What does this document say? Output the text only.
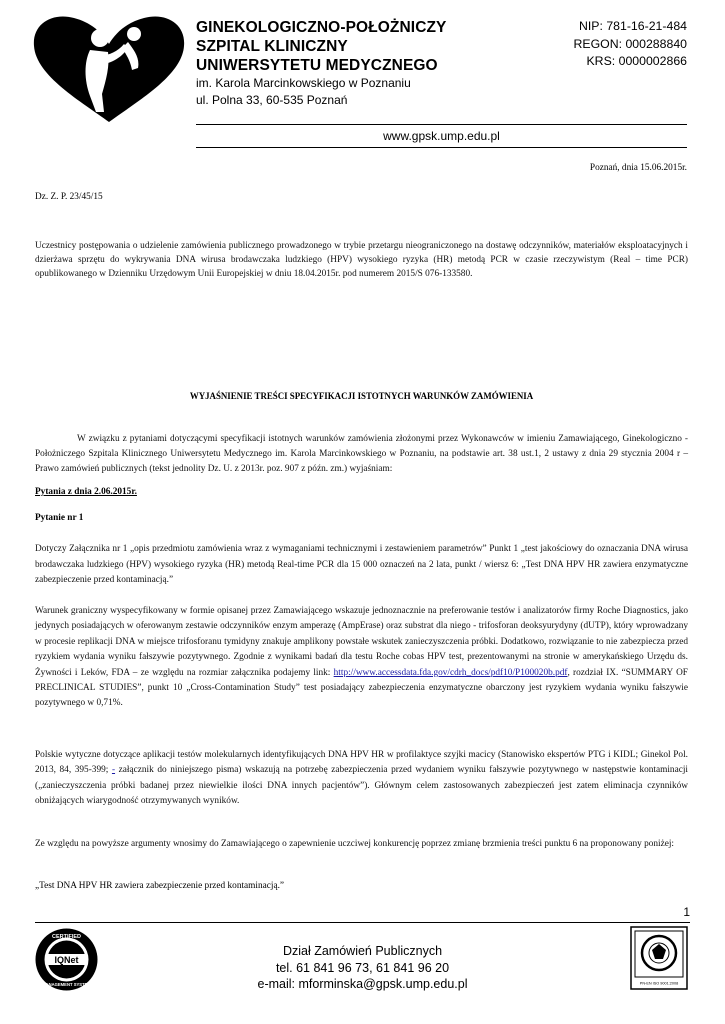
GINEKOLOGICZNO-POŁOŻNICZY
SZPITAL KLINICZNY
UNIWERSYTETU MEDYCZNEGO
im. Karola Marcinkowskiego w Poznaniu
ul. Polna 33, 60-535 Poznań
NIP: 781-16-21-484
REGON: 000288840
KRS: 0000002866
www.gpsk.ump.edu.pl
Poznań, dnia 15.06.2015r.
Dz. Z. P. 23/45/15
Uczestnicy postępowania o udzielenie zamówienia publicznego prowadzonego w trybie przetargu nieograniczonego na dostawę odczynników, materiałów eksploatacyjnych i dzierżawa sprzętu do wykrywania DNA wirusa brodawczaka ludzkiego (HPV) wysokiego ryzyka (HR) metodą PCR w czasie rzeczywistym (Real – time PCR) opublikowanego w Dzienniku Urzędowym Unii Europejskiej w dniu 18.04.2015r. pod numerem 2015/S 076-133580.
WYJAŚNIENIE TREŚCI SPECYFIKACJI ISTOTNYCH WARUNKÓW ZAMÓWIENIA
W związku z pytaniami dotyczącymi specyfikacji istotnych warunków zamówienia złożonymi przez Wykonawców w imieniu Zamawiającego, Ginekologiczno - Położniczego Szpitala Klinicznego Uniwersytetu Medycznego im. Karola Marcinkowskiego w Poznaniu, na podstawie art. 38 ust.1, 2 ustawy z dnia 29 stycznia 2004 r – Prawo zamówień publicznych (tekst jednolity Dz. U. z 2013r. poz. 907 z późn. zm.) wyjaśniam:
Pytania z dnia 2.06.2015r.
Pytanie nr 1
Dotyczy Załącznika nr 1 „opis przedmiotu zamówienia wraz z wymaganiami technicznymi i zestawieniem parametrów” Punkt 1 „test jakościowy do oznaczania DNA wirusa brodawczaka ludzkiego (HPV) wysokiego ryzyka (HR) metodą Real-time PCR dla 15 000 oznaczeń na 2 lata, punkt / wiersz 6: „Test DNA HPV HR zawiera enzymatyczne zabezpieczenie przed kontaminacją.”
Warunek graniczny wyspecyfikowany w formie opisanej przez Zamawiającego wskazuje jednoznacznie na preferowanie testów i analizatorów firmy Roche Diagnostics, jako jedynych posiadających w oferowanym zestawie odczynników enzym amperazę (AmpErase) oraz substrat dla niego - trifosforan deoksyurydyny (dUTP), który wprowadzany w procesie replikacji DNA w miejsce trifosforanu tymidyny znakuje amplikony powstałe wskutek zanieczyszczenia próbki. Dodatkowo, rozwiązanie to nie zabezpiecza przed ryzykiem wydania wyniku fałszywie pozytywnego. Zgodnie z wynikami badań dla testu Roche cobas HPV test, prezentowanymi na stronie w amerykańskiego Urzędu ds. Żywności i Leków, FDA – ze względu na rozmiar załącznika podajemy link: http://www.accessdata.fda.gov/cdrh_docs/pdf10/P100020b.pdf, rozdział IX. “SUMMARY OF PRECLINICAL STUDIES”, punkt 10 „Cross-Contamination Study” test posiadający zabezpieczenia enzymatyczne obarczony jest ryzykiem wydania wyniku fałszywie pozytywnego w 0,71%.
Polskie wytyczne dotyczące aplikacji testów molekularnych identyfikujących DNA HPV HR w profilaktyce szyjki macicy (Stanowisko ekspertów PTG i KIDL; Ginekol Pol. 2013, 84, 395-399; - załącznik do niniejszego pisma) wskazują na potrzebę zabezpieczenia przed wydaniem wyniku fałszywie pozytywnego w następstwie kontaminacji („zanieczyszczenia próbki badanej przez niewielkie ilości DNA innych pacjentów”). Głównym celem zastosowanych zabezpieczeń jest zatem eliminacja czynników obniżających wiarygodność otrzymywanych wyników.
Ze względu na powyższe argumenty wnosimy do Zamawiającego o zapewnienie uczciwej konkurencję poprzez zmianę brzmienia treści punktu 6 na proponowany poniżej:
„Test DNA HPV HR zawiera zabezpieczenie przed kontaminacją.”
1
IQNet
CERTIFIED
MANAGEMENT SYSTEM
Dział Zamówień Publicznych
tel. 61 841 96 73, 61 841 96 20
e-mail: mforminska@gpsk.ump.edu.pl	PN-EN ISO 9001:2008
